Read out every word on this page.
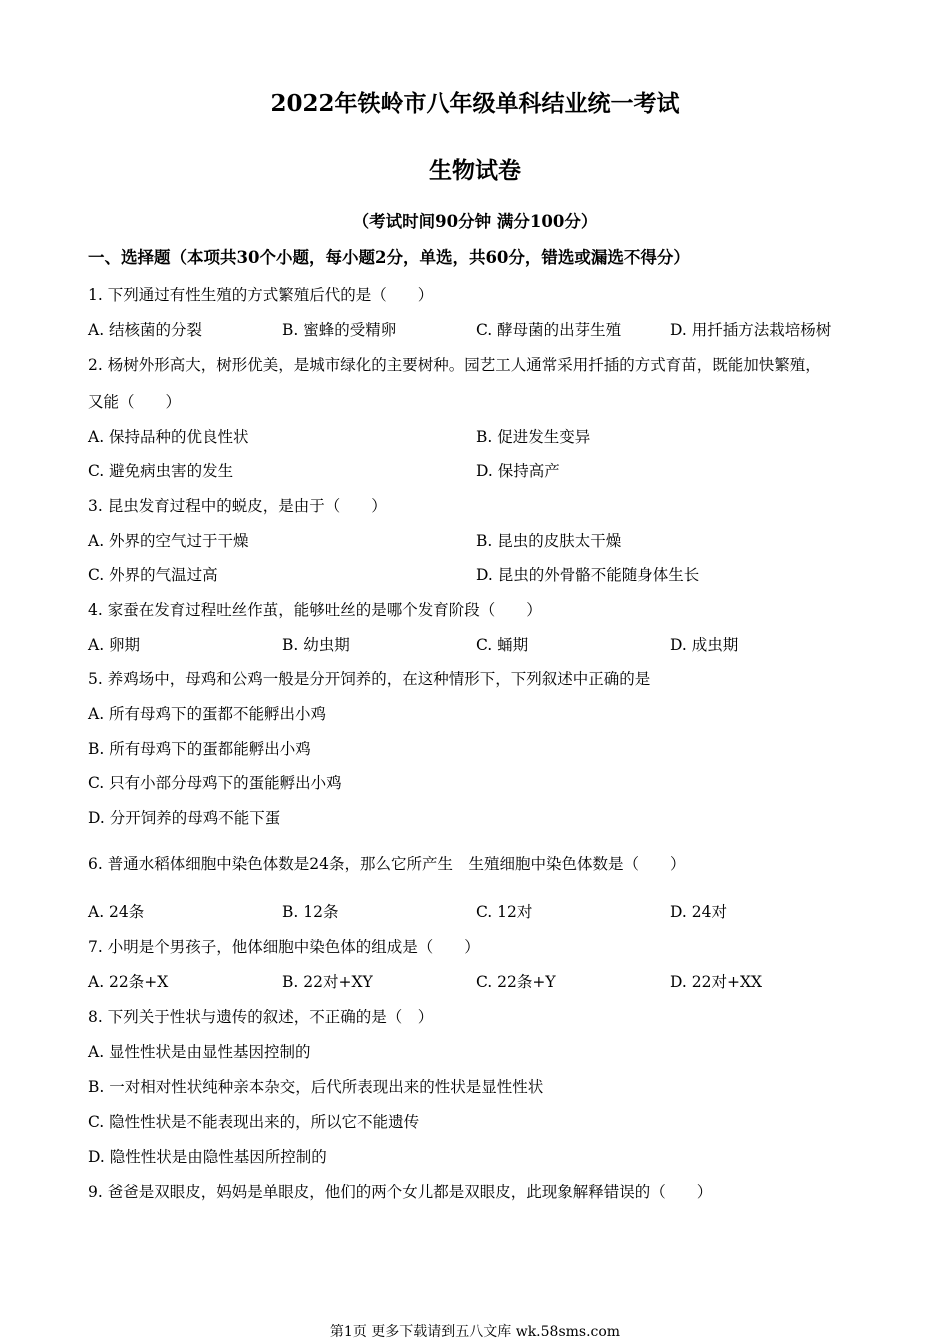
2022年铁岭市八年级单科结业统一考试
生物试卷
（考试时间90分钟 满分100分）
一、选择题（本项共30个小题，每小题2分，单选，共60分，错选或漏选不得分）
1. 下列通过有性生殖的方式繁殖后代的是（　　）
A. 结核菌的分裂	B. 蜜蜂的受精卵	C. 酵母菌的出芽生殖	D. 用扦插方法栽培杨树
2. 杨树外形高大，树形优美，是城市绿化的主要树种。园艺工人通常采用扦插的方式育苗，既能加快繁殖，
又能（　　）
A. 保持品种的优良性状	B. 促进发生变异
C. 避免病虫害的发生	D. 保持高产
3. 昆虫发育过程中的蜕皮，是由于（　　）
A. 外界的空气过于干燥	B. 昆虫的皮肤太干燥
C. 外界的气温过高	D. 昆虫的外骨骼不能随身体生长
4. 家蚕在发育过程吐丝作茧，能够吐丝的是哪个发育阶段（　　）
A. 卵期	B. 幼虫期	C. 蛹期	D. 成虫期
5. 养鸡场中，母鸡和公鸡一般是分开饲养的，在这种情形下，下列叙述中正确的是
A. 所有母鸡下的蛋都不能孵出小鸡
B. 所有母鸡下的蛋都能孵出小鸡
C. 只有小部分母鸡下的蛋能孵出小鸡
D. 分开饲养的母鸡不能下蛋
6. 普通水稻体细胞中染色体数是24条，那么它所产生　生殖细胞中染色体数是（　　）
A. 24条	B. 12条	C. 12对	D. 24对
7. 小明是个男孩子，他体细胞中染色体的组成是（　　）
A. 22条+X	B. 22对+XY	C. 22条+Y	D. 22对+XX
8. 下列关于性状与遗传的叙述，不正确的是（　）
A. 显性性状是由显性基因控制的
B. 一对相对性状纯种亲本杂交，后代所表现出来的性状是显性性状
C. 隐性性状是不能表现出来的，所以它不能遗传
D. 隐性性状是由隐性基因所控制的
9. 爸爸是双眼皮，妈妈是单眼皮，他们的两个女儿都是双眼皮，此现象解释错误的（　　）
第1页 更多下载请到五八文库 wk.58sms.com
